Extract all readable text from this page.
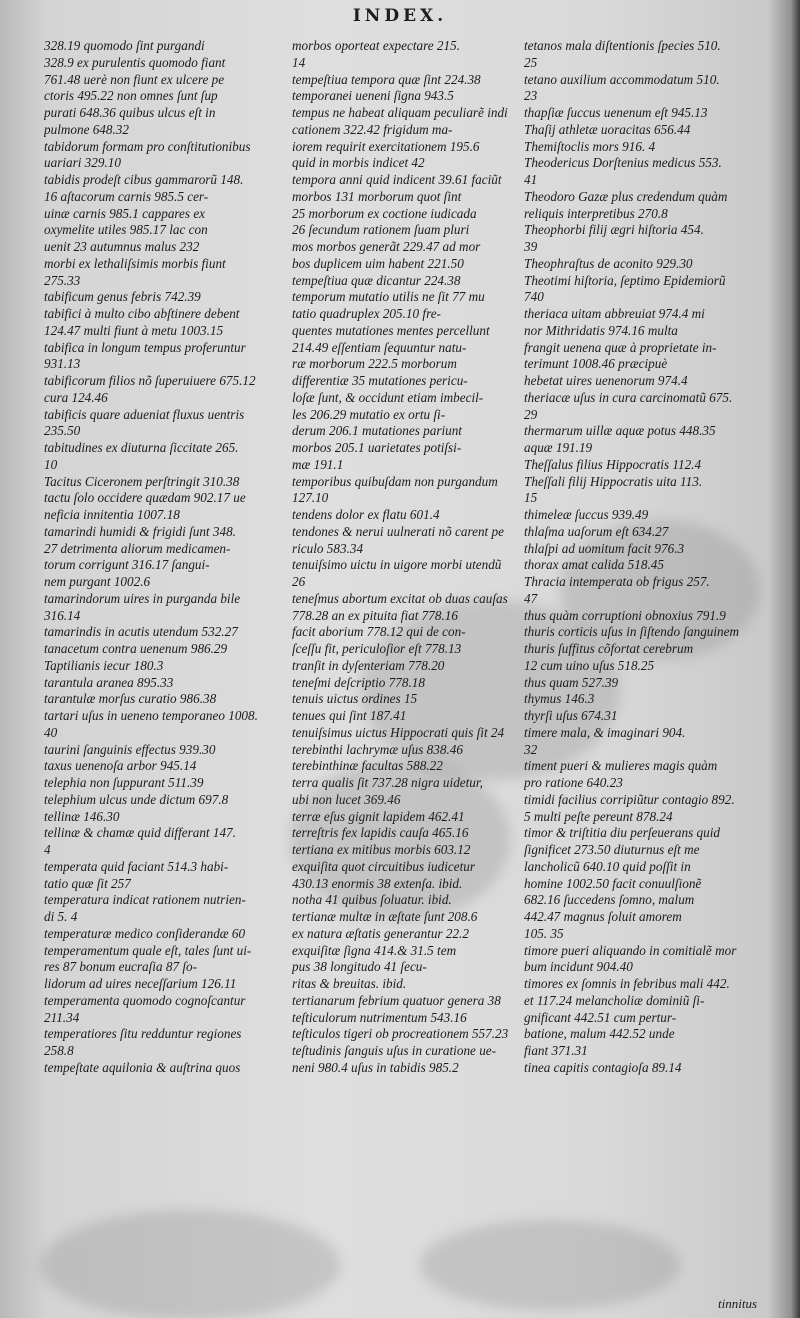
INDEX.
328.19 quomodo ſint purgandi
328.9 ex purulentis quomodo fiant
761.48 uerè non fiunt ex ulcere pe
ctoris 495.22 non omnes ſunt ſup
purati 648.36 quibus ulcus eſt in
pulmone 648.32
tabidorum formam pro conſtitutionibus
uariari 329.10
tabidis prodeſt cibus gammarorũ 148.
16 aſtacorum carnis 985.5 cer-
uinæ carnis 985.1 cappares ex
oxymelite utiles 985.17 lac con
uenit 23 autumnus malus 232
morbi ex lethaliſsimis morbis fiunt
275.33
tabificum genus febris 742.39
tabifici à multo cibo abſtinere debent
124.47 multi fiunt à metu 1003.15
tabifica in longum tempus proferuntur
931.13
tabificorum filios nõ ſuperuiuere 675.12
cura 124.46
tabificis quare adueniat fluxus uentris
235.50
tabitudines ex diuturna ſiccitate 265.
10
Tacitus Ciceronem perſtringit 310.38
tactu ſolo occidere quædam 902.17 ue
neficia innitentia 1007.18
tamarindi humidi & frigidi ſunt 348.
27 detrimenta aliorum medicamen-
torum corrigunt 316.17 ſangui-
nem purgant 1002.6
tamarindorum uires in purganda bile
316.14
tamarindis in acutis utendum 532.27
tanacetum contra uenenum 986.29
Taptilianis iecur 180.3
tarantula aranea 895.33
tarantulæ morſus curatio 986.38
tartari uſus in ueneno temporaneo 1008.
40
taurini ſanguinis effectus 939.30
taxus uenenoſa arbor 945.14
telephia non ſuppurant 511.39
telephium ulcus unde dictum 697.8
tellinæ 146.30
tellinæ & chamæ quid differant 147.
4
temperata quid faciant 514.3 habi-
tatio quæ ſit 257
temperatura indicat rationem nutrien-
di 5. 4
temperaturæ medico conſiderandæ 60
temperamentum quale eſt, tales ſunt ui-
res 87 bonum eucraſia 87 ſo-
lidorum ad uires neceſſarium 126.11
temperamenta quomodo cognoſcantur
211.34
temperatiores ſitu redduntur regiones
258.8
tempeſtate aquilonia & auſtrina quos
morbos oporteat expectare 215.
14
tempeſtiua tempora quæ ſint 224.38
temporanei ueneni ſigna 943.5
tempus ne habeat aliquam peculiarẽ indi
cationem 322.42 frigidum ma-
iorem requirit exercitationem 195.6
quid in morbis indicet 42
tempora anni quid indicent 39.61 faciũt
morbos 131 morborum quot ſint
25 morborum ex coctione iudicada
26 ſecundum rationem ſuam pluri
mos morbos generãt 229.47 ad mor
bos duplicem uim habent 221.50
tempeſtiua quæ dicantur 224.38
temporum mutatio utilis ne ſit 77 mu
tatio quadruplex 205.10 fre-
quentes mutationes mentes percellunt
214.49 eſſentiam ſequuntur natu-
ræ morborum 222.5 morborum
differentiæ 35 mutationes pericu-
loſæ ſunt, & occidunt etiam imbecil-
les 206.29 mutatio ex ortu ſi-
derum 206.1 mutationes pariunt
morbos 205.1 uarietates potiſsi-
mæ 191.1
temporibus quibuſdam non purgandum
127.10
tendens dolor ex flatu 601.4
tendones & nerui uulnerati nõ carent pe
riculo 583.34
tenuiſsimo uictu in uigore morbi utendũ
26
teneſmus abortum excitat ob duas cauſas
778.28 an ex pituita fiat 778.16
facit aborium 778.12 qui de con-
ſceſſu fit, periculoſior eſt 778.13
tranſit in dyſenteriam 778.20
teneſmi deſcriptio 778.18
tenuis uictus ordines 15
tenues qui ſint 187.41
tenuiſsimus uictus Hippocrati quis ſit 24
terebinthi lachrymæ uſus 838.46
terebinthinæ facultas 588.22
terra qualis ſit 737.28 nigra uidetur,
ubi non lucet 369.46
terræ eſus gignit lapidem 462.41
terreſtris fex lapidis cauſa 465.16
tertiana ex mitibus morbis 603.12
exquiſita quot circuitibus iudicetur
430.13 enormis 38 extenſa. ibid.
notha 41 quibus ſoluatur. ibid.
tertianæ multæ in æſtate ſunt 208.6
ex natura æſtatis generantur 22.2
exquiſitæ ſigna 414.& 31.5 tem
pus 38 longitudo 41 ſecu-
ritas & breuitas. ibid.
tertianarum febrium quatuor genera 38
teſticulorum nutrimentum 543.16
teſticulos tigeri ob procreationem 557.23
teſtudinis ſanguis uſus in curatione ue-
neni 980.4 uſus in tabidis 985.2
tetanos mala diſtentionis ſpecies 510.
25
tetano auxilium accommodatum 510.
23
thapſiæ ſuccus uenenum eſt 945.13
Thaſij athletæ uoracitas 656.44
Themiſtoclis mors 916. 4
Theodericus Dorſtenius medicus 553.
41
Theodoro Gazæ plus credendum quàm
reliquis interpretibus 270.8
Theophorbi filij ægri hiſtoria 454.
39
Theophraſtus de aconito 929.30
Theotimi hiſtoria, ſeptimo Epidemiorũ
740
theriaca uitam abbreuiat 974.4 mi
nor Mithridatis 974.16 multa
frangit uenena quæ à proprietate in-
terimunt 1008.46 præcipuè
hebetat uires uenenorum 974.4
theriacæ uſus in cura carcinomatũ 675.
29
thermarum uillæ aquæ potus 448.35
aquæ 191.19
Theſſalus filius Hippocratis 112.4
Theſſali filij Hippocratis uita 113.
15
thimeleæ ſuccus 939.49
thlaſma uaſorum eſt 634.27
thlaſpi ad uomitum facit 976.3
thorax amat calida 518.45
Thracia intemperata ob frigus 257.
47
thus quàm corruptioni obnoxius 791.9
thuris corticis uſus in ſiſtendo ſanguinem
thuris ſuffitus cõfortat cerebrum
12 cum uino uſus 518.25
thus quam 527.39
thymus 146.3
thyrſi uſus 674.31
timere mala, & imaginari 904.
32
timent pueri & mulieres magis quàm
pro ratione 640.23
timidi facilius corripiũtur contagio 892.
5 multi peſte pereunt 878.24
timor & triſtitia diu perſeuerans quid
ſignificet 273.50 diuturnus eſt me
lancholicũ 640.10 quid poſſit in
homine 1002.50 facit conuulſionẽ
682.16 ſuccedens ſomno, malum
442.47 magnus ſoluit amorem
105. 35
timore pueri aliquando in comitialẽ mor
bum incidunt 904.40
timores ex ſomnis in febribus mali 442.
et 117.24 melancholiæ dominiũ ſi-
gnificant 442.51 cum pertur-
batione, malum 442.52 unde
fiant 371.31
tinea capitis contagioſa 89.14
tinnitus
